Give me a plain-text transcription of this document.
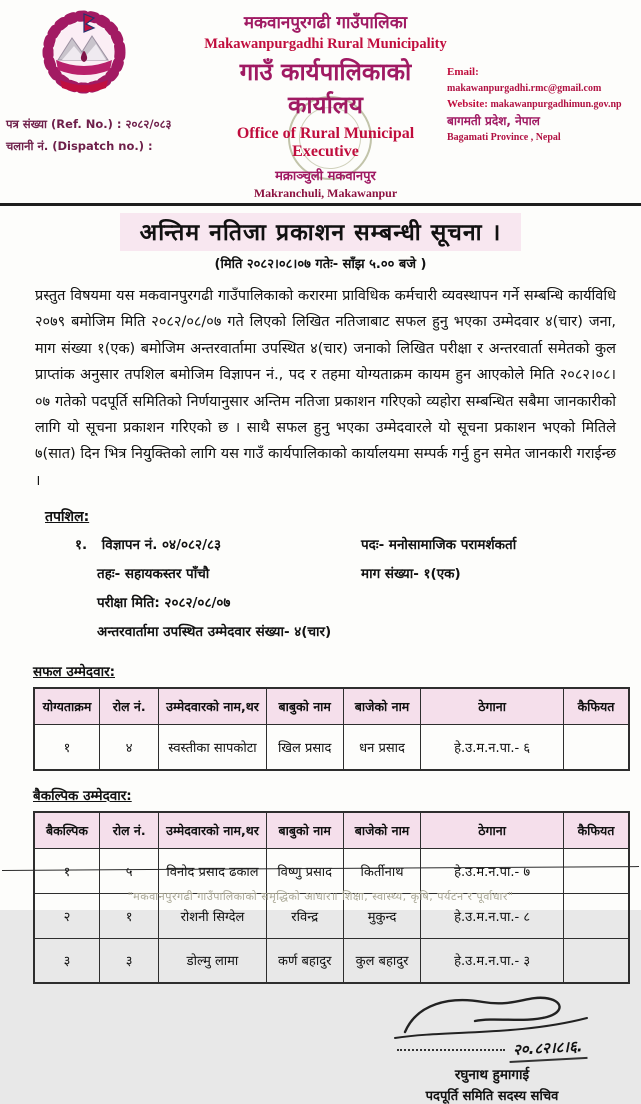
पत्र संख्या (Ref. No.) : २०८२/०८३
चलानी नं. (Dispatch no.) :
मकवानपुरगढी गाउँपालिका
Makawanpurgadhi Rural Municipality
गाउँ कार्यपालिकाको कार्यालय
Office of Rural Municipal Executive
मक्राञ्चुली मकवानपुर
Makranchuli, Makawanpur
Email:
makawanpurgadhi.rmc@gmail.com
Website: makawanpurgadhimun.gov.np
बागमती प्रदेश, नेपाल
Bagamati Province , Nepal
अन्तिम नतिजा प्रकाशन सम्बन्धी सूचना ।
(मिति २०८२।०८।०७ गतेः- साँझ ५.०० बजे )

प्रस्तुत विषयमा यस मकवानपुरगढी गाउँपालिकाको करारमा प्राविधिक कर्मचारी व्यवस्थापन गर्ने सम्बन्धि कार्यविधि २०७९ बमोजिम मिति २०८२/०८/०७ गते लिएको लिखित नतिजाबाट सफल हुनु भएका उम्मेदवार ४(चार) जना, माग संख्या १(एक) बमोजिम अन्तरवार्तामा उपस्थित ४(चार) जनाको लिखित परीक्षा र अन्तरवार्ता समेतको कुल प्राप्तांक अनुसार तपशिल बमोजिम विज्ञापन नं., पद र तहमा योग्यताक्रम कायम हुन आएकोले मिति २०८२।०८।०७ गतेको पदपूर्ति समितिको निर्णयानुसार अन्तिम नतिजा प्रकाशन गरिएको व्यहोरा सम्बन्धित सबैमा जानकारीको लागि यो सूचना प्रकाशन गरिएको छ । साथै सफल हुनु भएका उम्मेदवारले यो सूचना प्रकाशन भएको मितिले ७(सात) दिन भित्र नियुक्तिको लागि यस गाउँ कार्यपालिकाको कार्यालयमा सम्पर्क गर्नु हुन समेत जानकारी गराईन्छ ।

तपशिल:
१. विज्ञापन नं. ०४/०८२/८३
तहः- सहायकस्तर पाँचौ
परीक्षा मिति: २०८२/०८/०७
अन्तरवार्तामा उपस्थित उम्मेदवार संख्या- ४(चार)
पदः- मनोसामाजिक परामर्शकर्ता
माग संख्या- १(एक)
सफल उम्मेदवार:
योग्यताक्रम	रोल नं.	उम्मेदवारको नाम,थर	बाबुको नाम	बाजेको नाम	ठेगाना	कैफियत
१	४	स्वस्तीका सापकोटा	खिल प्रसाद	धन प्रसाद	हे.उ.म.न.पा.- ६	
बैकल्पिक उम्मेदवार:
बैकल्पिक	रोल नं.	उम्मेदवारको नाम,थर	बाबुको नाम	बाजेको नाम	ठेगाना	कैफियत
१	५	विनोद प्रसाद ढकाल	विष्णु प्रसाद	किर्तीनाथ	हे.उ.म.न.पा.- ७	
२	१	रोशनी सिग्देल	रविन्द्र	मुकुन्द	हे.उ.म.न.पा.- ८	
३	३	डोल्मु लामा	कर्ण बहादुर	कुल बहादुर	हे.उ.म.न.पा.- ३	
२०.८२।८।६.
रघुनाथ हुमागाई
पदपूर्ति समिति सदस्य सचिव
"मकवानपुरगढी गाउँपालिकाको समृद्धिको आधार॥ शिक्षा, स्वास्थ्य, कृषि, पर्यटन र पूर्वाधार"
